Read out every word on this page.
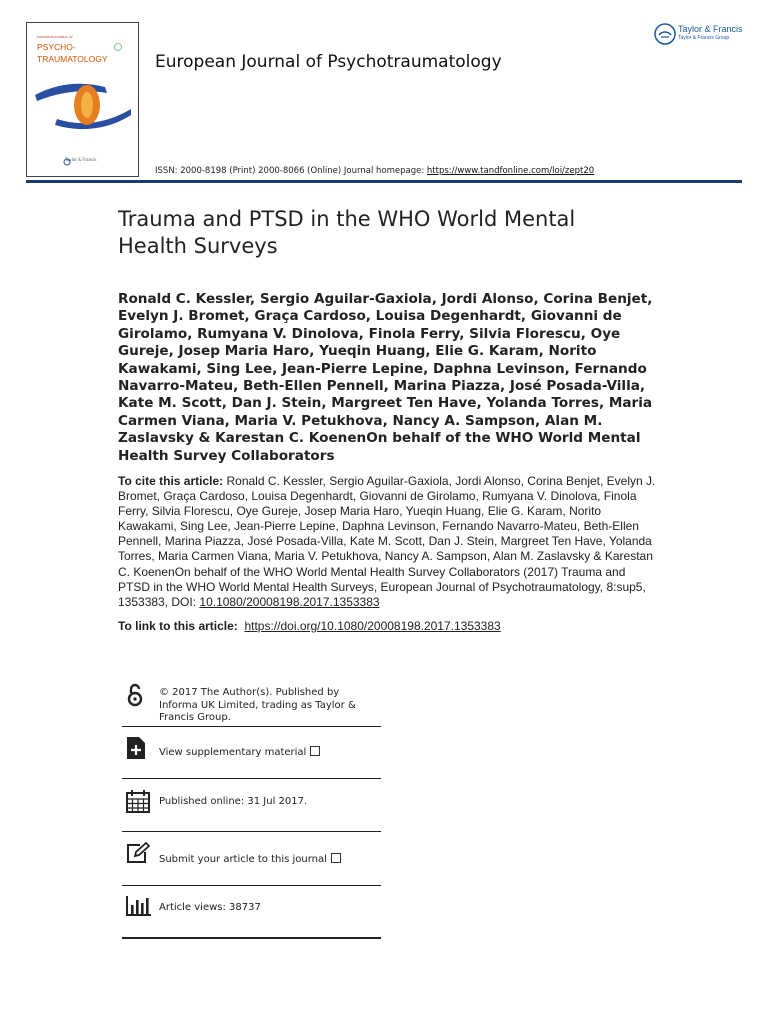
EUROPEAN JOURNAL OF
PSYCHO-
TRAUMATOLOGY
Taylor & Francis
European Journal of Psychotraumatology
Taylor & Francis
Taylor & Francis Group
ISSN: 2000-8198 (Print) 2000-8066 (Online) Journal homepage: https://www.tandfonline.com/loi/zept20
Trauma and PTSD in the WHO World Mental Health Surveys
Ronald C. Kessler, Sergio Aguilar-Gaxiola, Jordi Alonso, Corina Benjet, Evelyn J. Bromet, Graça Cardoso, Louisa Degenhardt, Giovanni de Girolamo, Rumyana V. Dinolova, Finola Ferry, Silvia Florescu, Oye Gureje, Josep Maria Haro, Yueqin Huang, Elie G. Karam, Norito Kawakami, Sing Lee, Jean-Pierre Lepine, Daphna Levinson, Fernando Navarro-Mateu, Beth-Ellen Pennell, Marina Piazza, José Posada-Villa, Kate M. Scott, Dan J. Stein, Margreet Ten Have, Yolanda Torres, Maria Carmen Viana, Maria V. Petukhova, Nancy A. Sampson, Alan M. Zaslavsky & Karestan C. KoenenOn behalf of the WHO World Mental Health Survey Collaborators
To cite this article: Ronald C. Kessler, Sergio Aguilar-Gaxiola, Jordi Alonso, Corina Benjet, Evelyn J. Bromet, Graça Cardoso, Louisa Degenhardt, Giovanni de Girolamo, Rumyana V. Dinolova, Finola Ferry, Silvia Florescu, Oye Gureje, Josep Maria Haro, Yueqin Huang, Elie G. Karam, Norito Kawakami, Sing Lee, Jean-Pierre Lepine, Daphna Levinson, Fernando Navarro-Mateu, Beth-Ellen Pennell, Marina Piazza, José Posada-Villa, Kate M. Scott, Dan J. Stein, Margreet Ten Have, Yolanda Torres, Maria Carmen Viana, Maria V. Petukhova, Nancy A. Sampson, Alan M. Zaslavsky & Karestan C. KoenenOn behalf of the WHO World Mental Health Survey Collaborators (2017) Trauma and PTSD in the WHO World Mental Health Surveys, European Journal of Psychotraumatology, 8:sup5, 1353383, DOI: 10.1080/20008198.2017.1353383
To link to this article: https://doi.org/10.1080/20008198.2017.1353383
© 2017 The Author(s). Published by Informa UK Limited, trading as Taylor & Francis Group.
View supplementary material
Published online: 31 Jul 2017.
Submit your article to this journal
Article views: 38737
